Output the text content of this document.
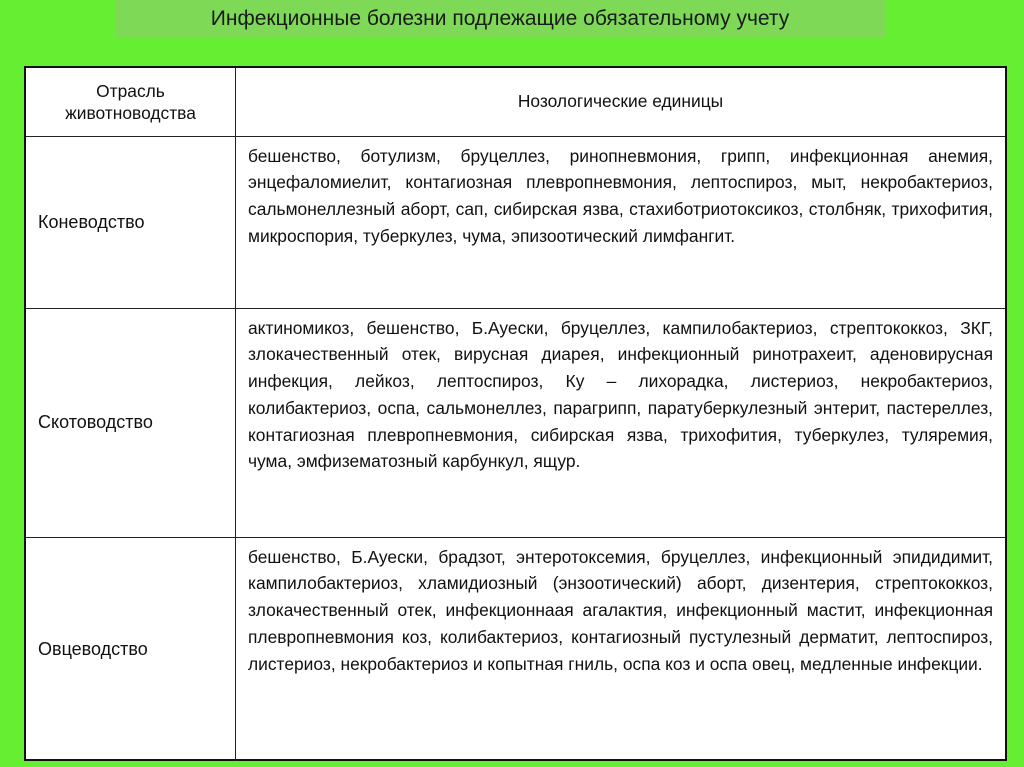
Инфекционные болезни подлежащие обязательному учету
Отрасль животноводства	Нозологические единицы
Коневодство	бешенство, ботулизм, бруцеллез, ринопневмония, грипп, инфекционная анемия, энцефаломиелит, контагиозная плевропневмония, лептоспироз, мыт, некробактериоз, сальмонеллезный аборт, сап, сибирская язва, стахиботриотоксикоз, столбняк, трихофития, микроспория, туберкулез, чума, эпизоотический лимфангит.
Скотоводство	актиномикоз, бешенство, Б.Ауески, бруцеллез, кампилобактериоз, стрептококкоз, ЗКГ, злокачественный отек, вирусная диарея, инфекционный ринотрахеит, аденовирусная инфекция, лейкоз, лептоспироз, Ку – лихорадка, листериоз, некробактериоз, колибактериоз, оспа, сальмонеллез, парагрипп, паратуберкулезный энтерит, пастереллез, контагиозная плевропневмония, сибирская язва, трихофития, туберкулез, туляремия, чума, эмфизематозный карбункул, ящур.
Овцеводство	бешенство, Б.Ауески, брадзот, энтеротоксемия, бруцеллез, инфекционный эпидидимит, кампилобактериоз, хламидиозный (энзоотический) аборт, дизентерия, стрептококкоз, злокачественный отек, инфекционнаая агалактия, инфекционный мастит, инфекционная плевропневмония коз, колибактериоз, контагиозный пустулезный дерматит, лептоспироз, листериоз, некробактериоз и копытная гниль, оспа коз и оспа овец, медленные инфекции.
